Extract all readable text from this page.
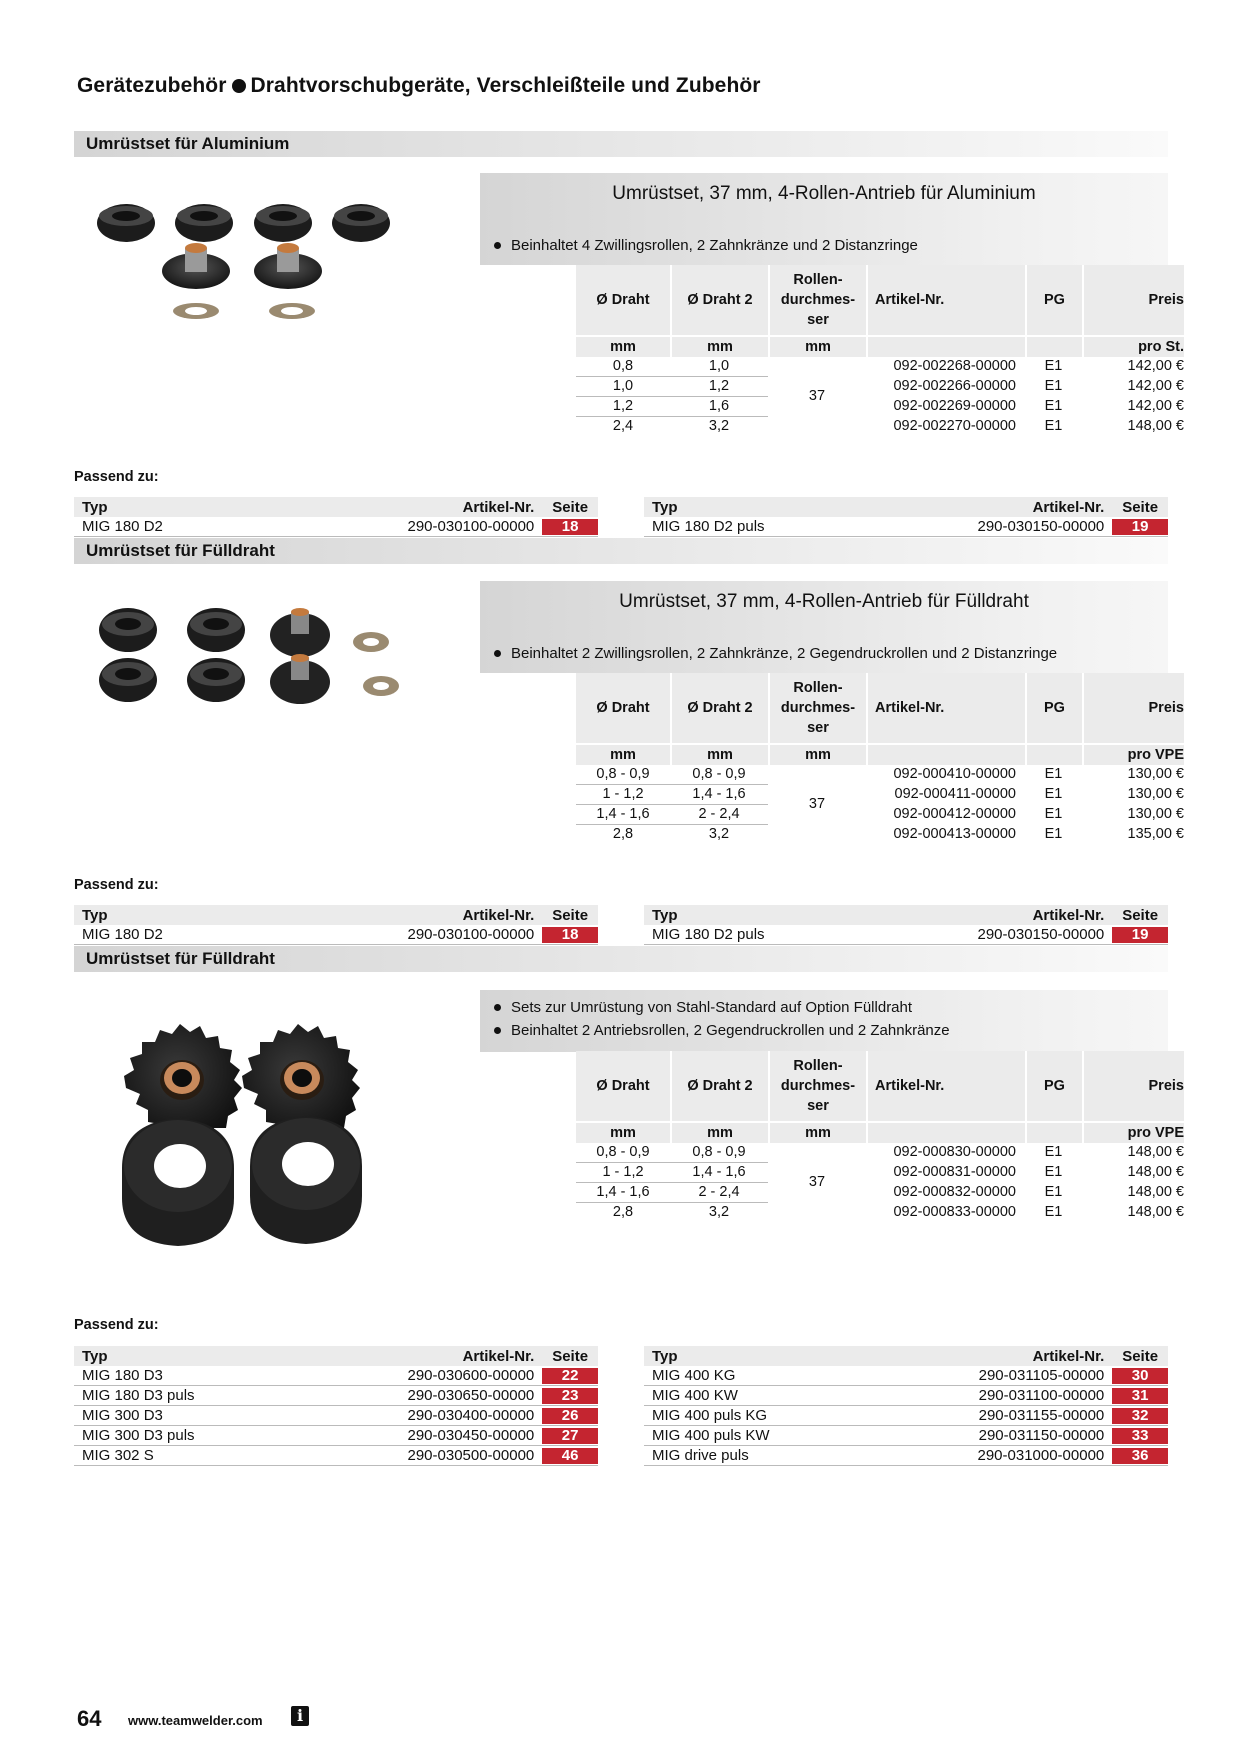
Gerätezubehör Drahtvorschubgeräte, Verschleißteile und Zubehör
Umrüstset für Aluminium
Umrüstset, 37 mm, 4-Rollen-Antrieb für Aluminium
Beinhaltet 4 Zwillingsrollen, 2 Zahnkränze und 2 Distanzringe
Ø Draht	Ø Draht 2	Rollen-
durchmes-
ser	Artikel-Nr.	PG	Preis
mm	mm	mm			pro St.
0,8	1,0	37	092-002268-00000	E1	142,00 €
1,0	1,2		092-002266-00000	E1	142,00 €
1,2	1,6		092-002269-00000	E1	142,00 €
2,4	3,2		092-002270-00000	E1	148,00 €
Passend zu:
Typ	Artikel-Nr.	Seite
MIG 180 D2	290-030100-00000	18
Typ	Artikel-Nr.	Seite
MIG 180 D2 puls	290-030150-00000	19
Umrüstset für Fülldraht
Umrüstset, 37 mm, 4-Rollen-Antrieb für Fülldraht
Beinhaltet 2 Zwillingsrollen, 2 Zahnkränze, 2 Gegendruckrollen und 2 Distanzringe
Ø Draht	Ø Draht 2	Rollen-
durchmes-
ser	Artikel-Nr.	PG	Preis
mm	mm	mm			pro VPE
0,8 - 0,9	0,8 - 0,9	37	092-000410-00000	E1	130,00 €
1 - 1,2	1,4 - 1,6		092-000411-00000	E1	130,00 €
1,4 - 1,6	2 - 2,4		092-000412-00000	E1	130,00 €
2,8	3,2		092-000413-00000	E1	135,00 €
Passend zu:
Typ	Artikel-Nr.	Seite
MIG 180 D2	290-030100-00000	18
Typ	Artikel-Nr.	Seite
MIG 180 D2 puls	290-030150-00000	19
Umrüstset für Fülldraht
Sets zur Umrüstung von Stahl-Standard auf Option Fülldraht
Beinhaltet 2 Antriebsrollen, 2 Gegendruckrollen und 2 Zahnkränze
Ø Draht	Ø Draht 2	Rollen-
durchmes-
ser	Artikel-Nr.	PG	Preis
mm	mm	mm			pro VPE
0,8 - 0,9	0,8 - 0,9	37	092-000830-00000	E1	148,00 €
1 - 1,2	1,4 - 1,6		092-000831-00000	E1	148,00 €
1,4 - 1,6	2 - 2,4		092-000832-00000	E1	148,00 €
2,8	3,2		092-000833-00000	E1	148,00 €
Passend zu:
Typ	Artikel-Nr.	Seite
MIG 180 D3	290-030600-00000	22

MIG 180 D3 puls	290-030650-00000	23

MIG 300 D3	290-030400-00000	26

MIG 300 D3 puls	290-030450-00000	27

MIG 302 S	290-030500-00000	46
Typ	Artikel-Nr.	Seite
MIG 400 KG	290-031105-00000	30

MIG 400 KW	290-031100-00000	31

MIG 400 puls KG	290-031155-00000	32

MIG 400 puls KW	290-031150-00000	33

MIG drive puls	290-031000-00000	36
64 www.teamwelder.com	i
